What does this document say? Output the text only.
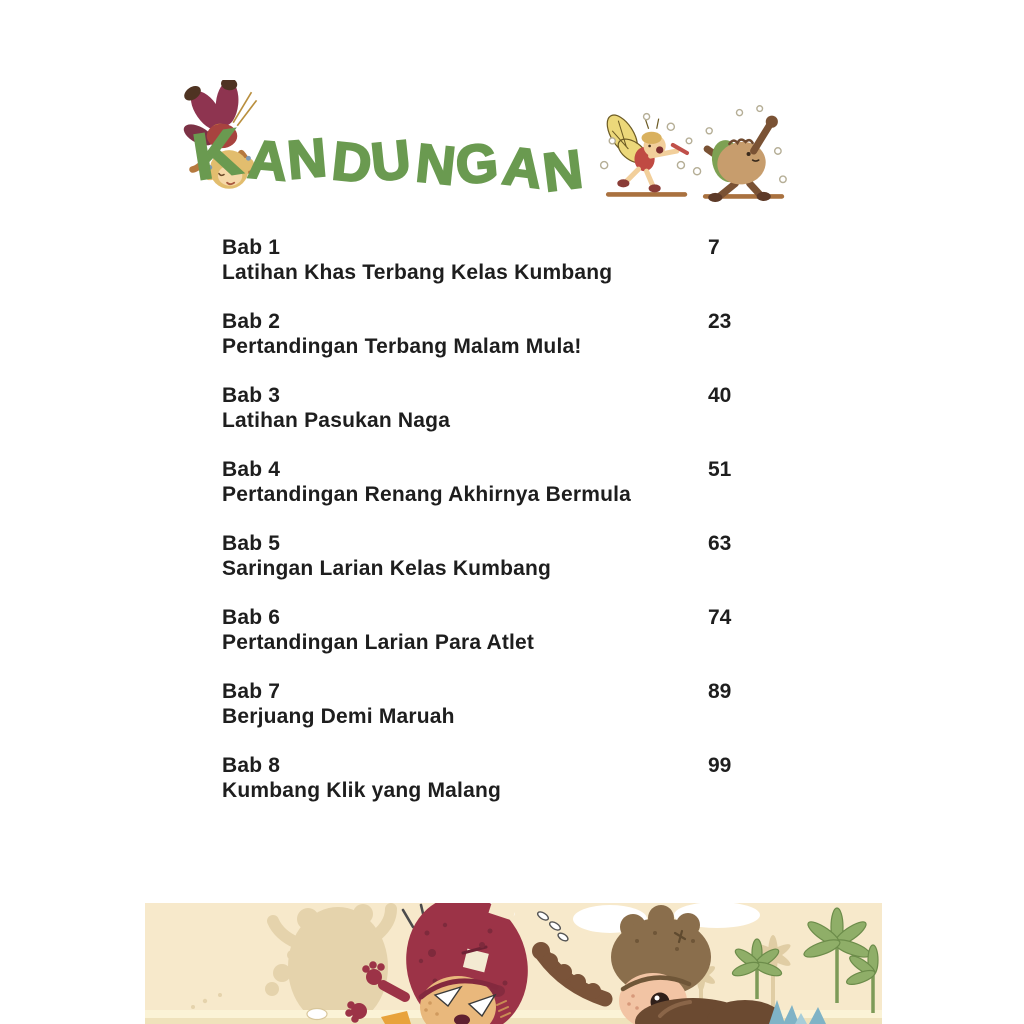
KANDUNGAN
Bab 1
Latihan Khas Terbang Kelas Kumbang
7
Bab 2
Pertandingan Terbang Malam Mula!
23
Bab 3
Latihan Pasukan Naga
40
Bab 4
Pertandingan Renang Akhirnya Bermula
51
Bab 5
Saringan Larian Kelas Kumbang
63
Bab 6
Pertandingan Larian Para Atlet
74
Bab 7
Berjuang Demi Maruah
89
Bab 8
Kumbang Klik yang Malang
99
